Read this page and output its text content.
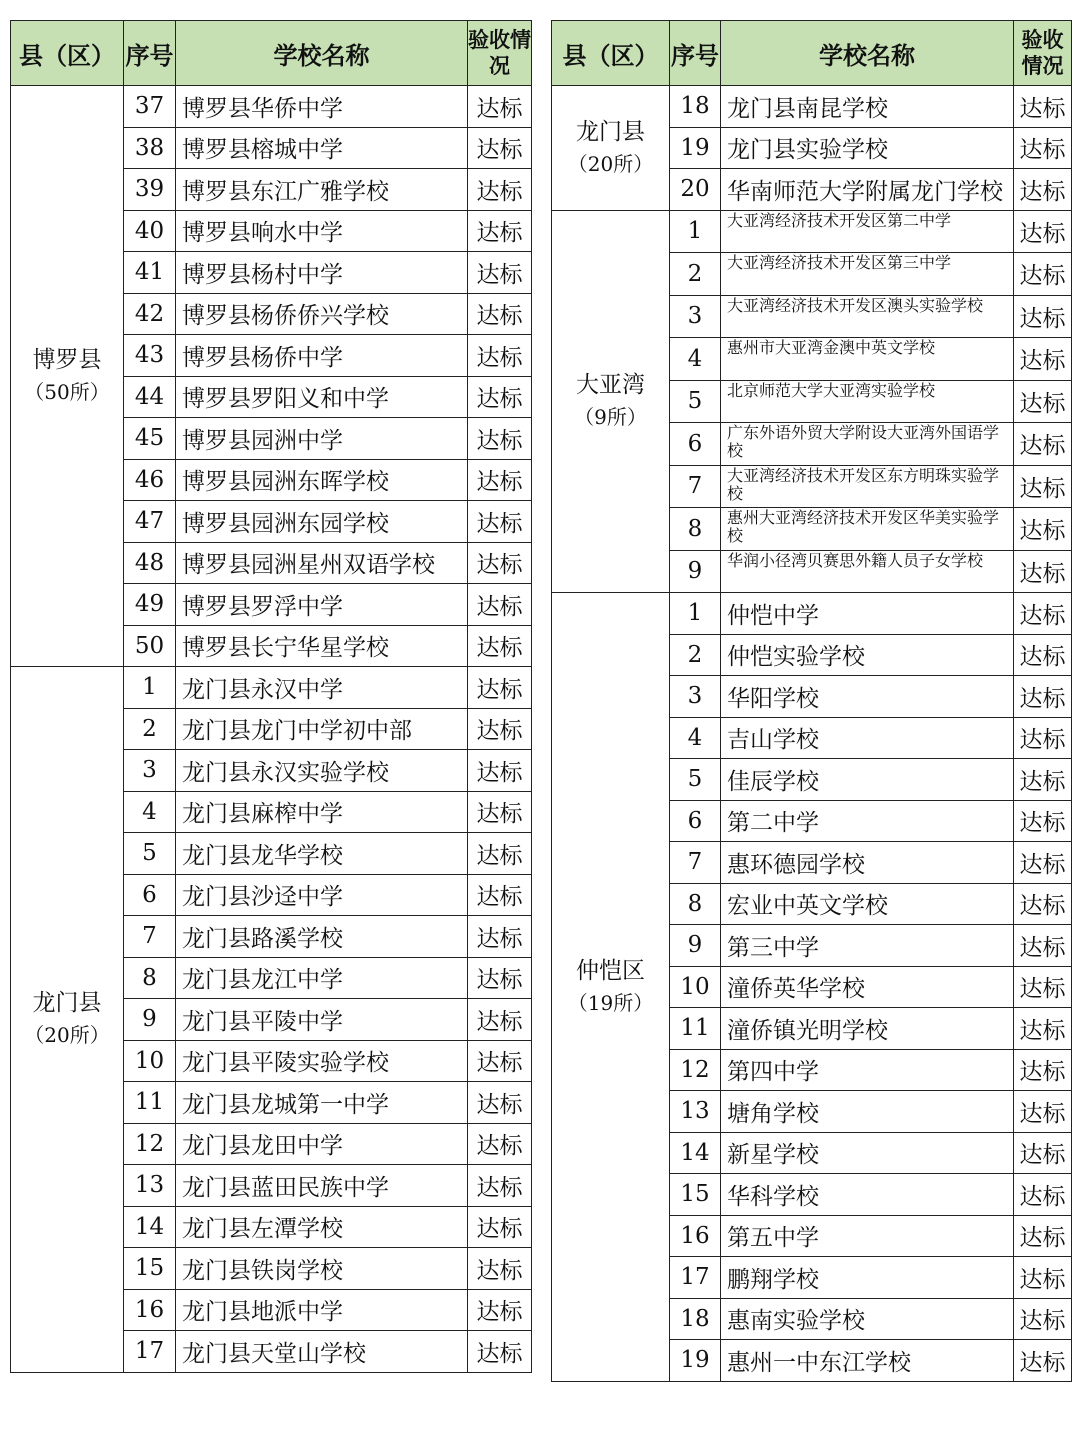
县（区）	序号	学校名称	验收情况
博罗县
（50所）	37	博罗县华侨中学	达标
	38	博罗县榕城中学	达标
	39	博罗县东江广雅学校	达标
	40	博罗县响水中学	达标
	41	博罗县杨村中学	达标
	42	博罗县杨侨侨兴学校	达标
	43	博罗县杨侨中学	达标
	44	博罗县罗阳义和中学	达标
	45	博罗县园洲中学	达标
	46	博罗县园洲东晖学校	达标
	47	博罗县园洲东园学校	达标
	48	博罗县园洲星州双语学校	达标
	49	博罗县罗浮中学	达标
	50	博罗县长宁华星学校	达标
龙门县
（20所）	1	龙门县永汉中学	达标
	2	龙门县龙门中学初中部	达标
	3	龙门县永汉实验学校	达标
	4	龙门县麻榨中学	达标
	5	龙门县龙华学校	达标
	6	龙门县沙迳中学	达标
	7	龙门县路溪学校	达标
	8	龙门县龙江中学	达标
	9	龙门县平陵中学	达标
	10	龙门县平陵实验学校	达标
	11	龙门县龙城第一中学	达标
	12	龙门县龙田中学	达标
	13	龙门县蓝田民族中学	达标
	14	龙门县左潭学校	达标
	15	龙门县铁岗学校	达标
	16	龙门县地派中学	达标
	17	龙门县天堂山学校	达标
县（区）	序号	学校名称	验收情况
龙门县
（20所）	18	龙门县南昆学校	达标
	19	龙门县实验学校	达标
	20	华南师范大学附属龙门学校	达标
大亚湾
（9所）	1	大亚湾经济技术开发区第二中学	达标
	2	大亚湾经济技术开发区第三中学	达标
	3	大亚湾经济技术开发区澳头实验学校	达标
	4	惠州市大亚湾金澳中英文学校	达标
	5	北京师范大学大亚湾实验学校	达标
	6	广东外语外贸大学附设大亚湾外国语学校	达标
	7	大亚湾经济技术开发区东方明珠实验学校	达标
	8	惠州大亚湾经济技术开发区华美实验学校	达标
	9	华润小径湾贝赛思外籍人员子女学校	达标
仲恺区
（19所）	1	仲恺中学	达标
	2	仲恺实验学校	达标
	3	华阳学校	达标
	4	吉山学校	达标
	5	佳辰学校	达标
	6	第二中学	达标
	7	惠环德园学校	达标
	8	宏业中英文学校	达标
	9	第三中学	达标
	10	潼侨英华学校	达标
	11	潼侨镇光明学校	达标
	12	第四中学	达标
	13	塘角学校	达标
	14	新星学校	达标
	15	华科学校	达标
	16	第五中学	达标
	17	鹏翔学校	达标
	18	惠南实验学校	达标
	19	惠州一中东江学校	达标
